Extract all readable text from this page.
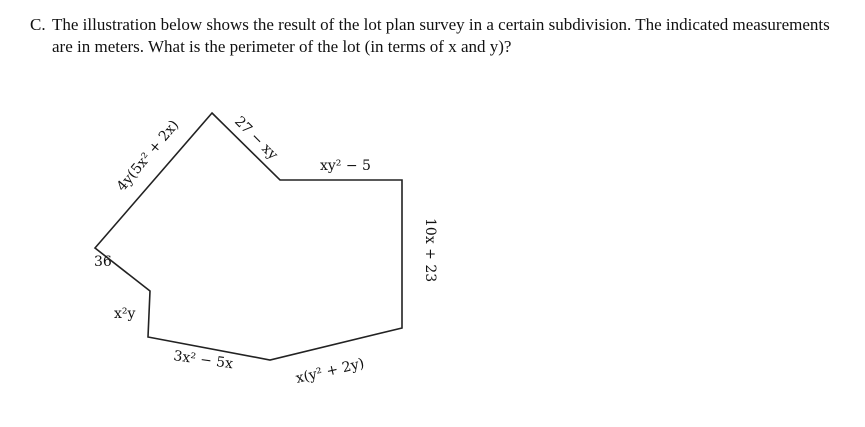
C. The illustration below shows the result of the lot plan survey in a certain subdivision. The indicated measurements are in meters. What is the perimeter of the lot (in terms of x and y)?
4y(5x² + 2x)	27 − xy
xy² − 5
36
x²y
3x² − 5x	x(y² + 2y)
10x + 23
